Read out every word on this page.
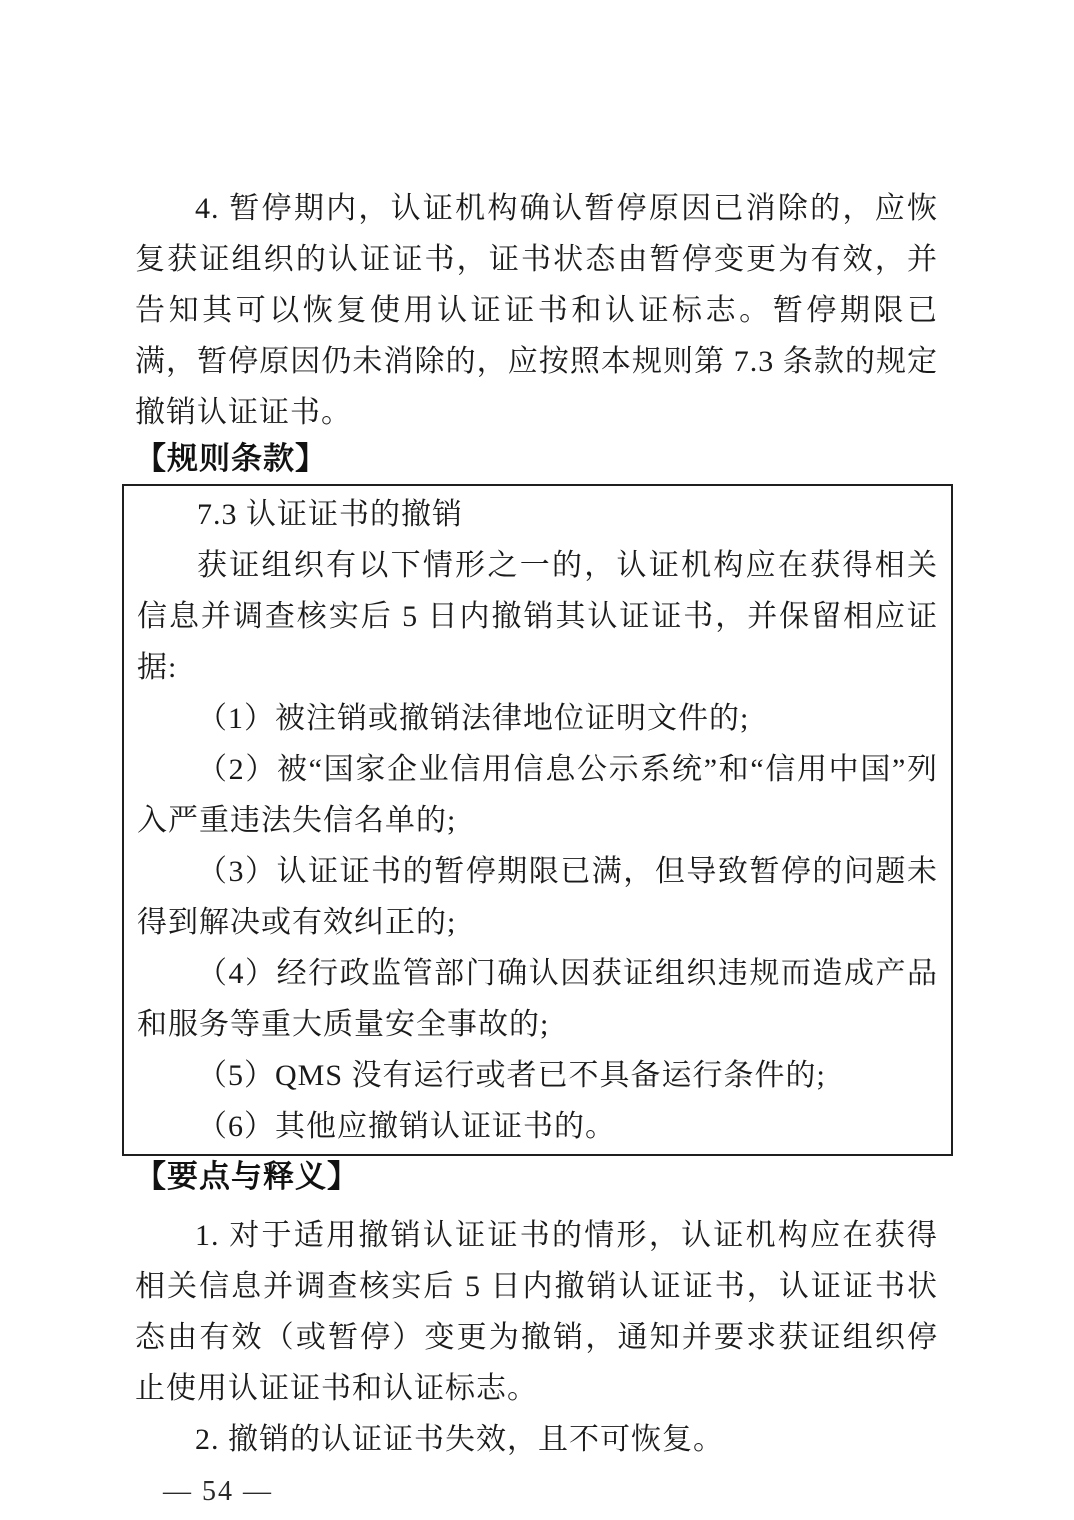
4. 暂停期内，认证机构确认暂停原因已消除的，应恢复获证组织的认证证书，证书状态由暂停变更为有效，并告知其可以恢复使用认证证书和认证标志。暂停期限已满，暂停原因仍未消除的，应按照本规则第 7.3 条款的规定撤销认证证书。

【规则条款】

7.3 认证证书的撤销

获证组织有以下情形之一的，认证机构应在获得相关信息并调查核实后 5 日内撤销其认证证书，并保留相应证据:

（1）被注销或撤销法律地位证明文件的;

（2）被“国家企业信用信息公示系统”和“信用中国”列入严重违法失信名单的;

（3）认证证书的暂停期限已满，但导致暂停的问题未得到解决或有效纠正的;

（4）经行政监管部门确认因获证组织违规而造成产品和服务等重大质量安全事故的;

（5）QMS 没有运行或者已不具备运行条件的;

（6）其他应撤销认证证书的。

【要点与释义】

1. 对于适用撤销认证证书的情形，认证机构应在获得相关信息并调查核实后 5 日内撤销认证证书，认证证书状态由有效（或暂停）变更为撤销，通知并要求获证组织停止使用认证证书和认证标志。

2. 撤销的认证证书失效，且不可恢复。

— 54 —
